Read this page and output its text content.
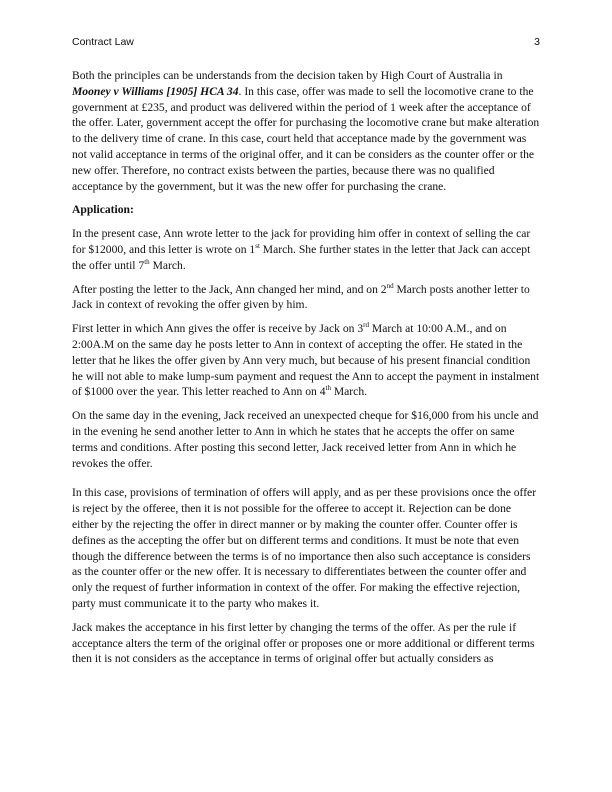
Contract Law	3

Both the principles can be understands from the decision taken by High Court of Australia in Mooney v Williams [1905] HCA 34. In this case, offer was made to sell the locomotive crane to the government at £235, and product was delivered within the period of 1 week after the acceptance of the offer. Later, government accept the offer for purchasing the locomotive crane but make alteration to the delivery time of crane. In this case, court held that acceptance made by the government was not valid acceptance in terms of the original offer, and it can be considers as the counter offer or the new offer. Therefore, no contract exists between the parties, because there was no qualified acceptance by the government, but it was the new offer for purchasing the crane.

Application:

In the present case, Ann wrote letter to the jack for providing him offer in context of selling the car for $12000, and this letter is wrote on 1st March. She further states in the letter that Jack can accept the offer until 7th March.

After posting the letter to the Jack, Ann changed her mind, and on 2nd March posts another letter to Jack in context of revoking the offer given by him.

First letter in which Ann gives the offer is receive by Jack on 3rd March at 10:00 A.M., and on 2:00A.M on the same day he posts letter to Ann in context of accepting the offer. He stated in the letter that he likes the offer given by Ann very much, but because of his present financial condition he will not able to make lump-sum payment and request the Ann to accept the payment in instalment of $1000 over the year. This letter reached to Ann on 4th March.

On the same day in the evening, Jack received an unexpected cheque for $16,000 from his uncle and in the evening he send another letter to Ann in which he states that he accepts the offer on same terms and conditions. After posting this second letter, Jack received letter from Ann in which he revokes the offer.

In this case, provisions of termination of offers will apply, and as per these provisions once the offer is reject by the offeree, then it is not possible for the offeree to accept it. Rejection can be done either by the rejecting the offer in direct manner or by making the counter offer. Counter offer is defines as the accepting the offer but on different terms and conditions. It must be note that even though the difference between the terms is of no importance then also such acceptance is considers as the counter offer or the new offer. It is necessary to differentiates between the counter offer and only the request of further information in context of the offer. For making the effective rejection, party must communicate it to the party who makes it.

Jack makes the acceptance in his first letter by changing the terms of the offer. As per the rule if acceptance alters the term of the original offer or proposes one or more additional or different terms then it is not considers as the acceptance in terms of original offer but actually considers as
